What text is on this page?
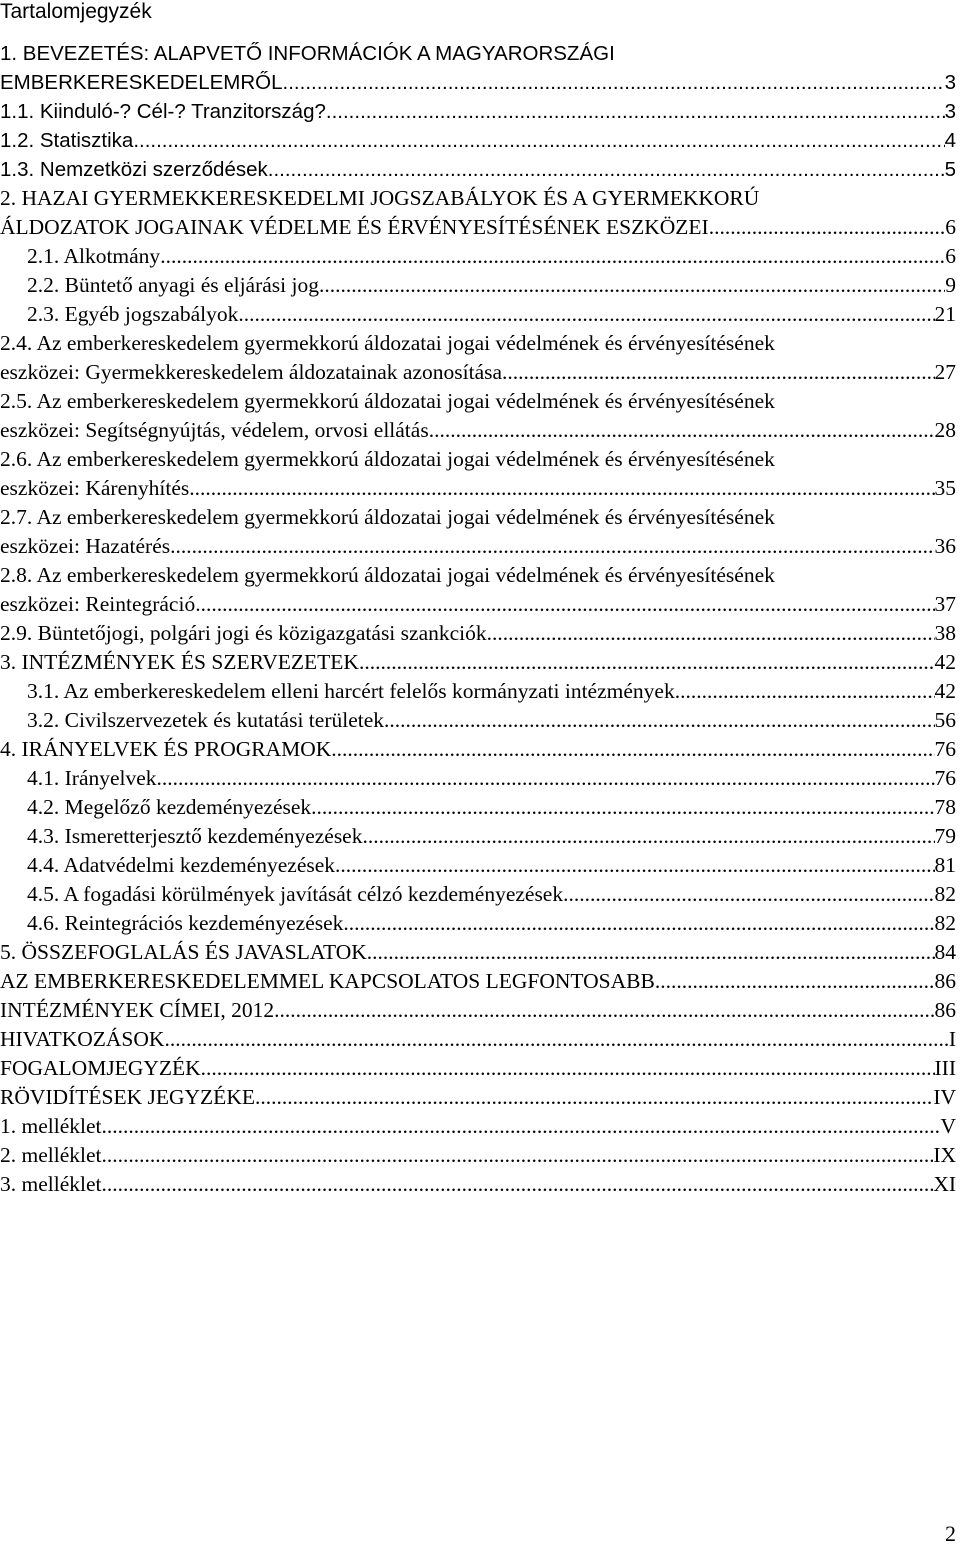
Tartalomjegyzék
1. BEVEZETÉS: ALAPVETŐ INFORMÁCIÓK A MAGYARORSZÁGI
EMBERKERESKEDELEMRŐL .....	3
1.1. Kiinduló-? Cél-? Tranzitország? .....	3
1.2. Statisztika .....	4
1.3. Nemzetközi szerződések .....	5
2. HAZAI GYERMEKKERESKEDELMI JOGSZABÁLYOK ÉS A GYERMEKKORÚ
ÁLDOZATOK JOGAINAK VÉDELME ÉS ÉRVÉNYESÍTÉSÉNEK ESZKÖZEI .....	6
2.1. Alkotmány .....	6
2.2. Büntető anyagi és eljárási jog .....	9
2.3. Egyéb jogszabályok .....	21
2.4. Az emberkereskedelem gyermekkorú áldozatai jogai védelmének és érvényesítésének
eszközei: Gyermekkereskedelem áldozatainak azonosítása .....	27
2.5. Az emberkereskedelem gyermekkorú áldozatai jogai védelmének és érvényesítésének
eszközei: Segítségnyújtás, védelem, orvosi ellátás .....	28
2.6. Az emberkereskedelem gyermekkorú áldozatai jogai védelmének és érvényesítésének
eszközei: Kárenyhítés .....	35
2.7. Az emberkereskedelem gyermekkorú áldozatai jogai védelmének és érvényesítésének
eszközei: Hazatérés .....	36
2.8. Az emberkereskedelem gyermekkorú áldozatai jogai védelmének és érvényesítésének
eszközei: Reintegráció .....	37
2.9. Büntetőjogi, polgári jogi és közigazgatási szankciók .....	38
3. INTÉZMÉNYEK ÉS SZERVEZETEK .....	42
3.1. Az emberkereskedelem elleni harcért felelős kormányzati intézmények .....	42
3.2. Civilszervezetek és kutatási területek .....	56
4. IRÁNYELVEK ÉS PROGRAMOK .....	76
4.1. Irányelvek .....	76
4.2. Megelőző kezdeményezések .....	78
4.3. Ismeretterjesztő kezdeményezések .....	79
4.4. Adatvédelmi kezdeményezések .....	81
4.5. A fogadási körülmények javítását célzó kezdeményezések .....	82
4.6. Reintegrációs kezdeményezések .....	82
5. ÖSSZEFOGLALÁS ÉS JAVASLATOK .....	84
AZ EMBERKERESKEDELEMMEL KAPCSOLATOS LEGFONTOSABB .....	86
INTÉZMÉNYEK CÍMEI, 2012 .....	86
HIVATKOZÁSOK .....	I
FOGALOMJEGYZÉK .....	III
RÖVIDÍTÉSEK JEGYZÉKE .....	IV
1. melléklet .....	V
2. melléklet .....	IX
3. melléklet .....	XI
2
